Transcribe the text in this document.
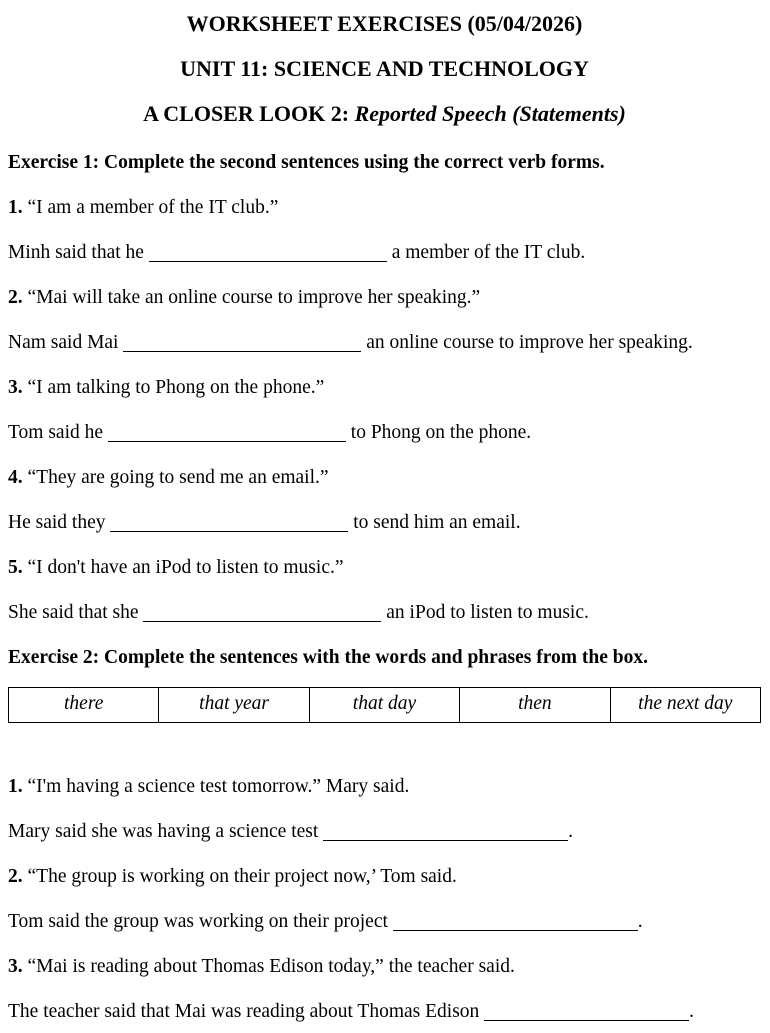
WORKSHEET EXERCISES (05/04/2026)
UNIT 11: SCIENCE AND TECHNOLOGY
A CLOSER LOOK 2: Reported Speech (Statements)
Exercise 1: Complete the second sentences using the correct verb forms.
1. “I am a member of the IT club.”
Minh said that he	a member of the IT club.
2. “Mai will take an online course to improve her speaking.”
Nam said Mai	an online course to improve her speaking.
3. “I am talking to Phong on the phone.”
Tom said he	to Phong on the phone.
4. “They are going to send me an email.”
He said they	to send him an email.
5. “I don't have an iPod to listen to music.”
She said that she	an iPod to listen to music.
Exercise 2: Complete the sentences with the words and phrases from the box.
there	that year	that day	then	the next day
1. “I'm having a science test tomorrow.” Mary said.
Mary said she was having a science test	.
2. “The group is working on their project now,’ Tom said.
Tom said the group was working on their project	.
3. “Mai is reading about Thomas Edison today,” the teacher said.
The teacher said that Mai was reading about Thomas Edison	.
